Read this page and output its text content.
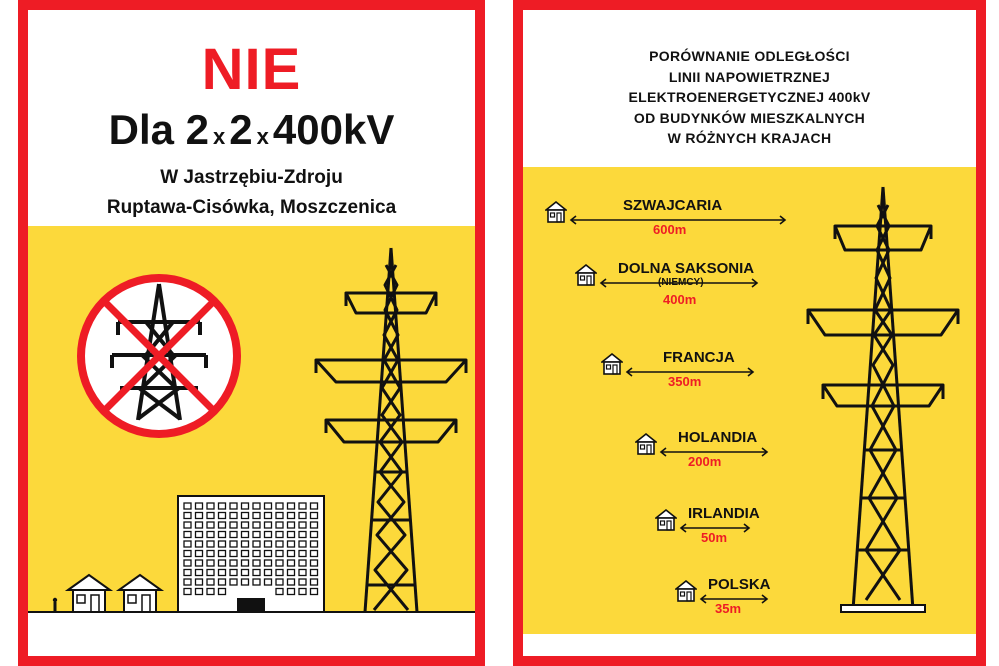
NIE
Dla 2 x2 x400kV
W Jastrzębiu-Zdroju
Ruptawa-Cisówka, Moszczenica
PORÓWNANIE ODLEGŁOŚCI
LINII NAPOWIETRZNEJ
ELEKTROENERGETYCZNEJ 400kV
OD BUDYNKÓW MIESZKALNYCH
W RÓŻNYCH KRAJACH
SZWAJCARIA
600m
DOLNA SAKSONIA
(NIEMCY)
400m
FRANCJA
350m
HOLANDIA
200m
IRLANDIA
50m
POLSKA
35m
